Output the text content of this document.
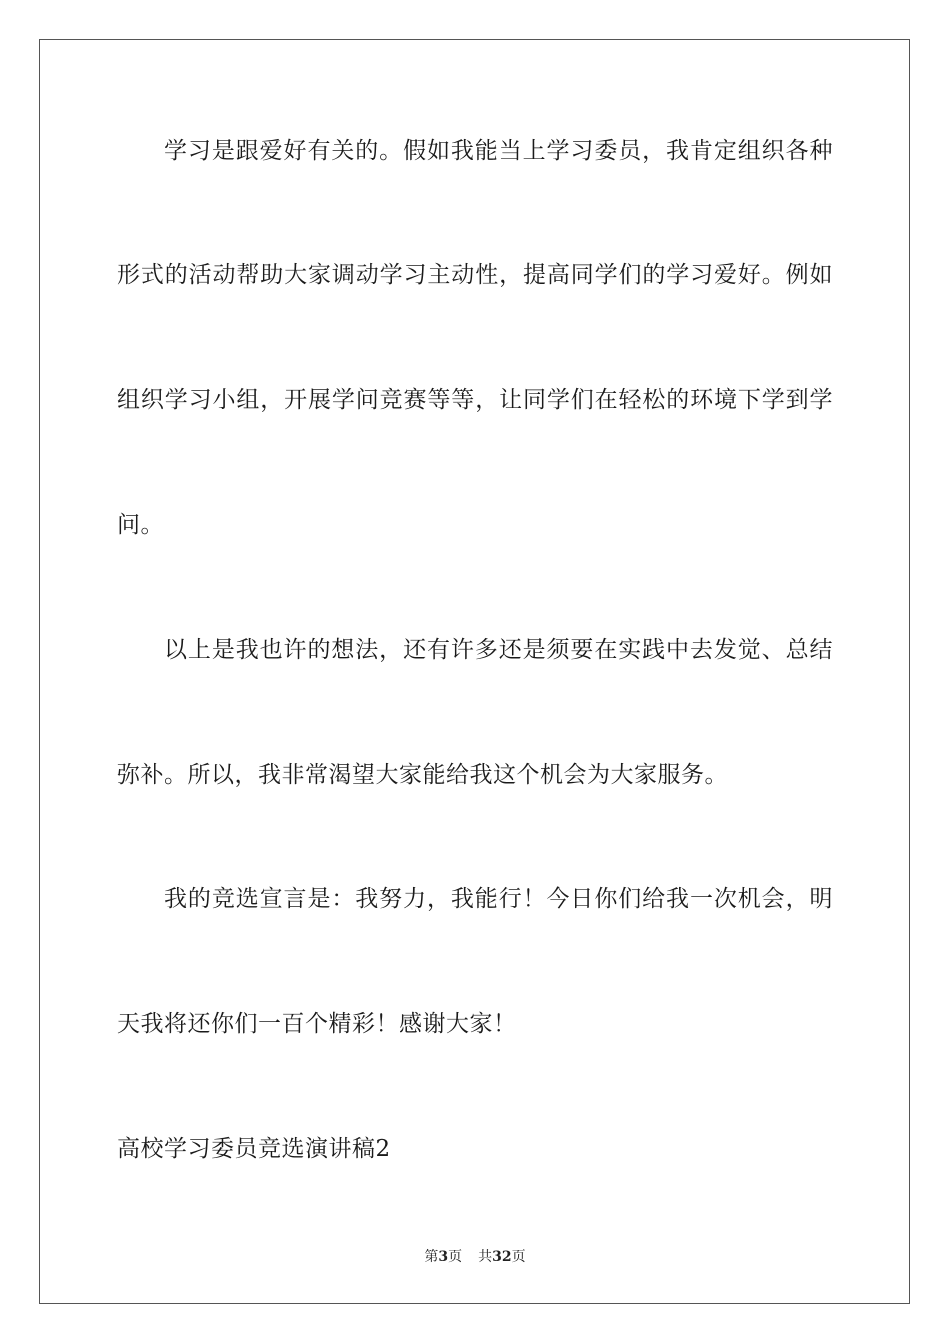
学习是跟爱好有关的。假如我能当上学习委员，我肯定组织各种
形式的活动帮助大家调动学习主动性，提高同学们的学习爱好。例如
组织学习小组，开展学问竞赛等等，让同学们在轻松的环境下学到学
问。
以上是我也许的想法，还有许多还是须要在实践中去发觉、总结
弥补。所以，我非常渴望大家能给我这个机会为大家服务。
我的竞选宣言是：我努力，我能行！今日你们给我一次机会，明
天我将还你们一百个精彩！感谢大家！
高校学习委员竞选演讲稿2
第3页 共32页
